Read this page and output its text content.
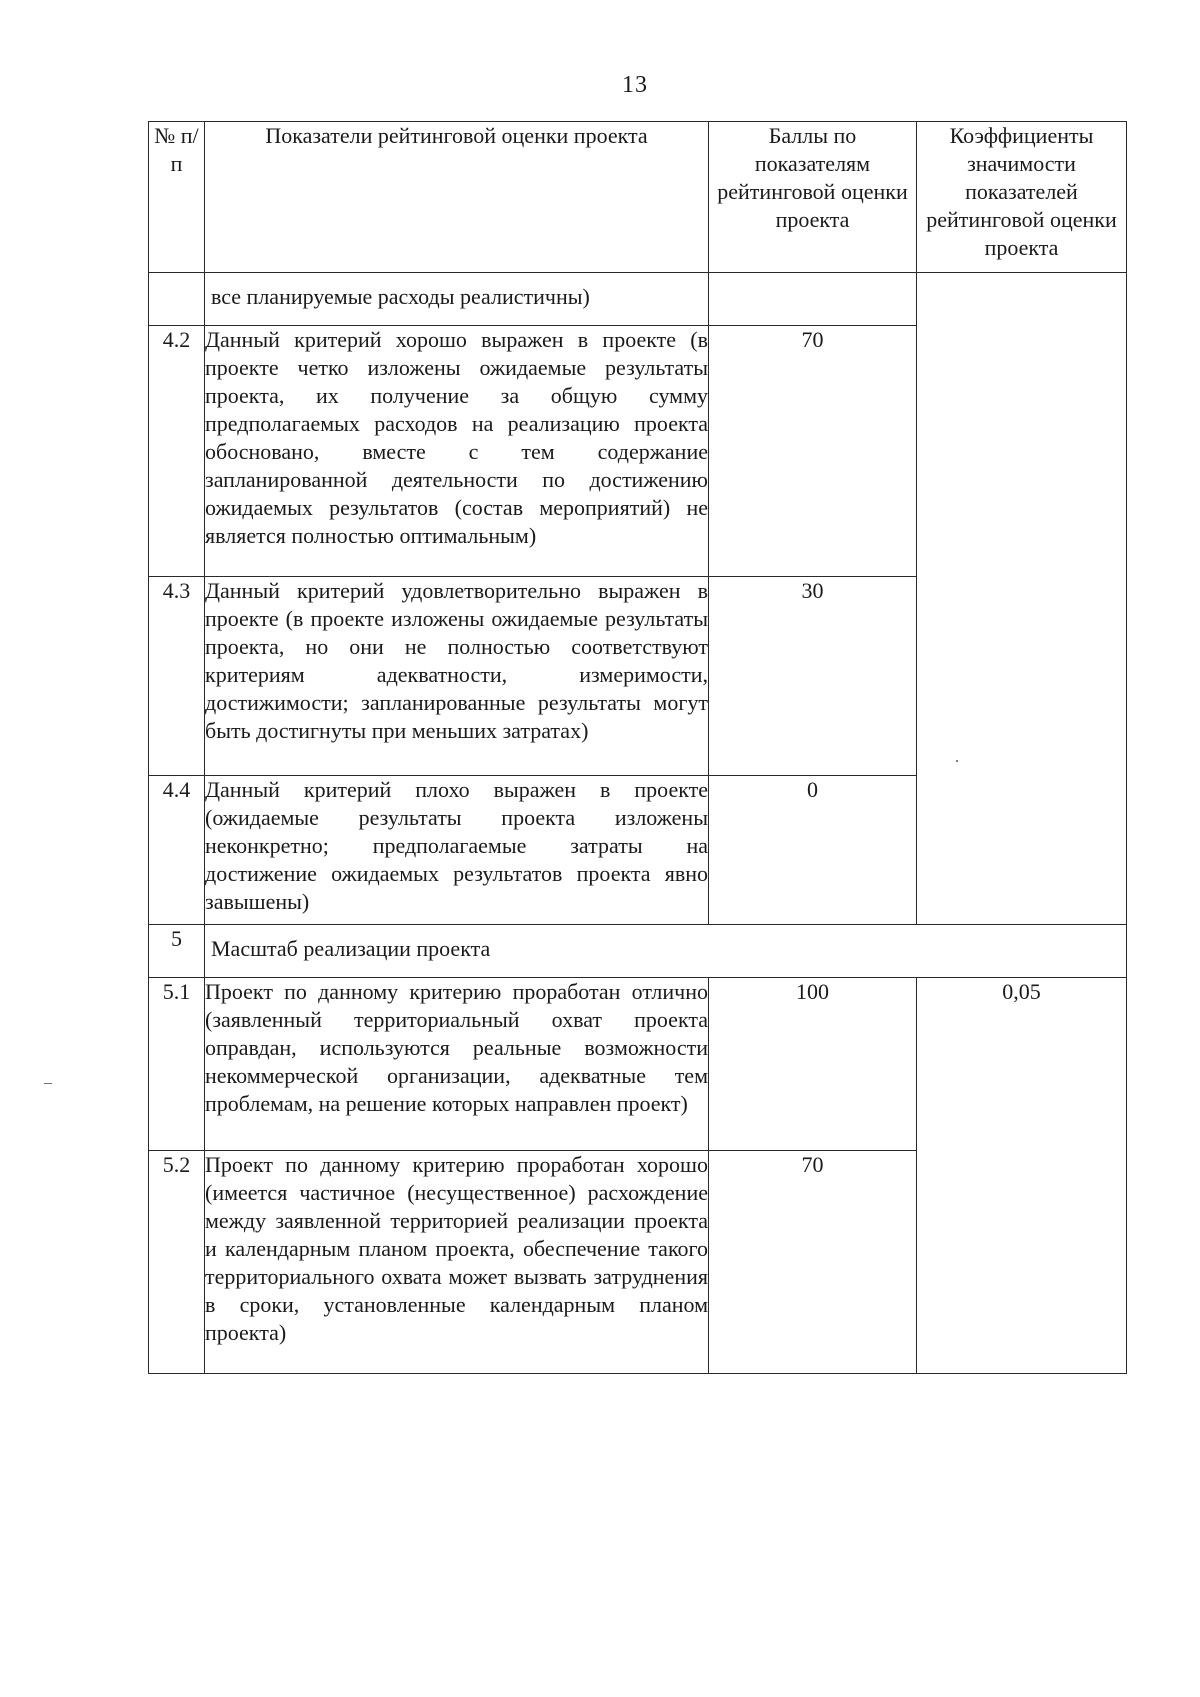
13
№ п/п	Показатели рейтинговой оценки проекта	Баллы по показателям рейтинговой оценки проекта	Коэффициенты значимости показателей рейтинговой оценки проекта
	все планируемые расходы реалистичны)		
4.2	Данный критерий хорошо выражен в проекте (в проекте четко изложены ожидаемые результаты проекта, их получение за общую сумму предполагаемых расходов на реализацию проекта обосновано, вместе с тем содержание запланированной деятельности по достижению ожидаемых результатов (состав мероприятий) не является полностью оптимальным)	70	
4.3	Данный критерий удовлетворительно выражен в проекте (в проекте изложены ожидаемые результаты проекта, но они не полностью соответствуют критериям адекватности, измеримости, достижимости; запланированные результаты могут быть достигнуты при меньших затратах)	30	
4.4	Данный критерий плохо выражен в проекте (ожидаемые результаты проекта изложены неконкретно; предполагаемые затраты на достижение ожидаемых результатов проекта явно завышены)	0	
5	Масштаб реализации проекта		
5.1	Проект по данному критерию проработан отлично (заявленный территориальный охват проекта оправдан, используются реальные возможности некоммерческой организации, адекватные тем проблемам, на решение которых направлен проект)	100	0,05
5.2	Проект по данному критерию проработан хорошо (имеется частичное (несущественное) расхождение между заявленной территорией реализации проекта и календарным планом проекта, обеспечение такого территориального охвата может вызвать затруднения в сроки, установленные календарным планом проекта)	70	
